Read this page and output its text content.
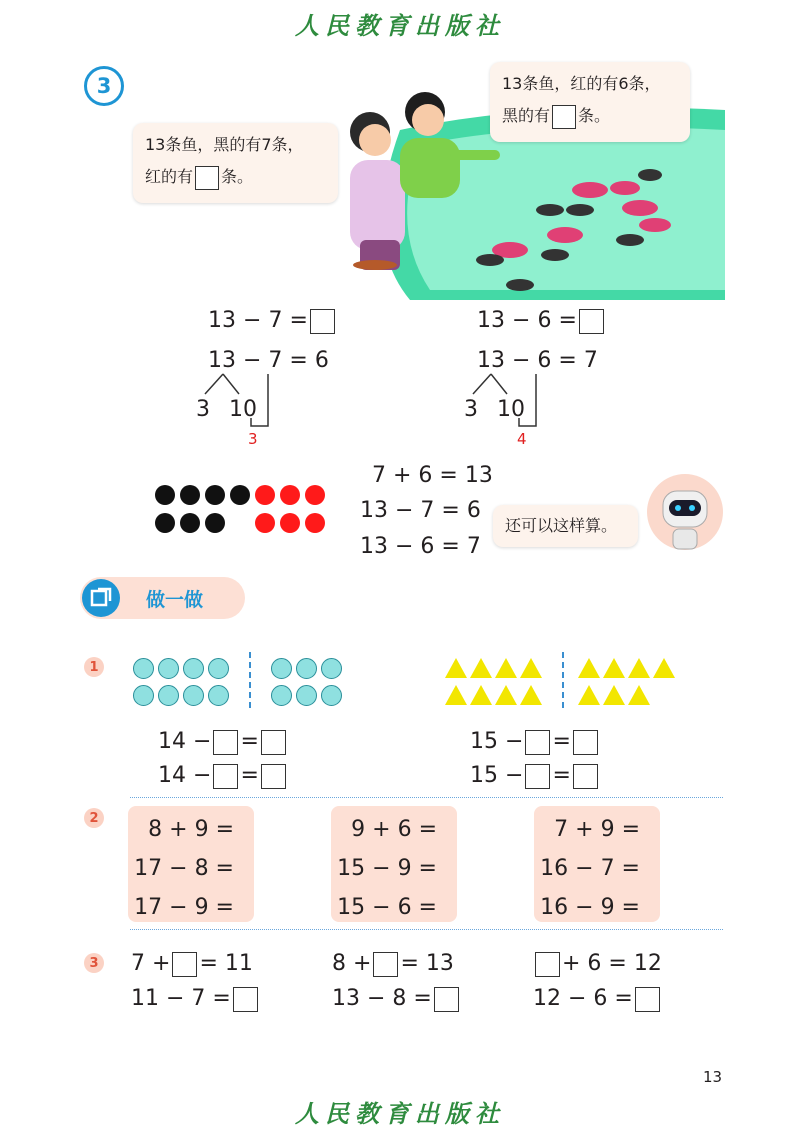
人民教育出版社
3
13条鱼，黑的有7条，
红的有 条。
13条鱼，红的有6条，
黑的有 条。
13 − 7 =
13 − 7 = 6
3 10
3
13 − 6 =
13 − 6 = 7
3 10
4
7 + 6 = 13
13 − 7 = 6
13 − 6 = 7
还可以这样算。
做一做
1
14 − =
14 − =
15 − =
15 − =
2	8 + 9 =
17 − 8 =
17 − 9 =
9 + 6 =
15 − 9 =
15 − 6 =
7 + 9 =
16 − 7 =
16 − 9 =
3 7 + = 11	8 + = 13	+ 6 = 12
11 − 7 =	13 − 8 =	12 − 6 =
13
人民教育出版社
